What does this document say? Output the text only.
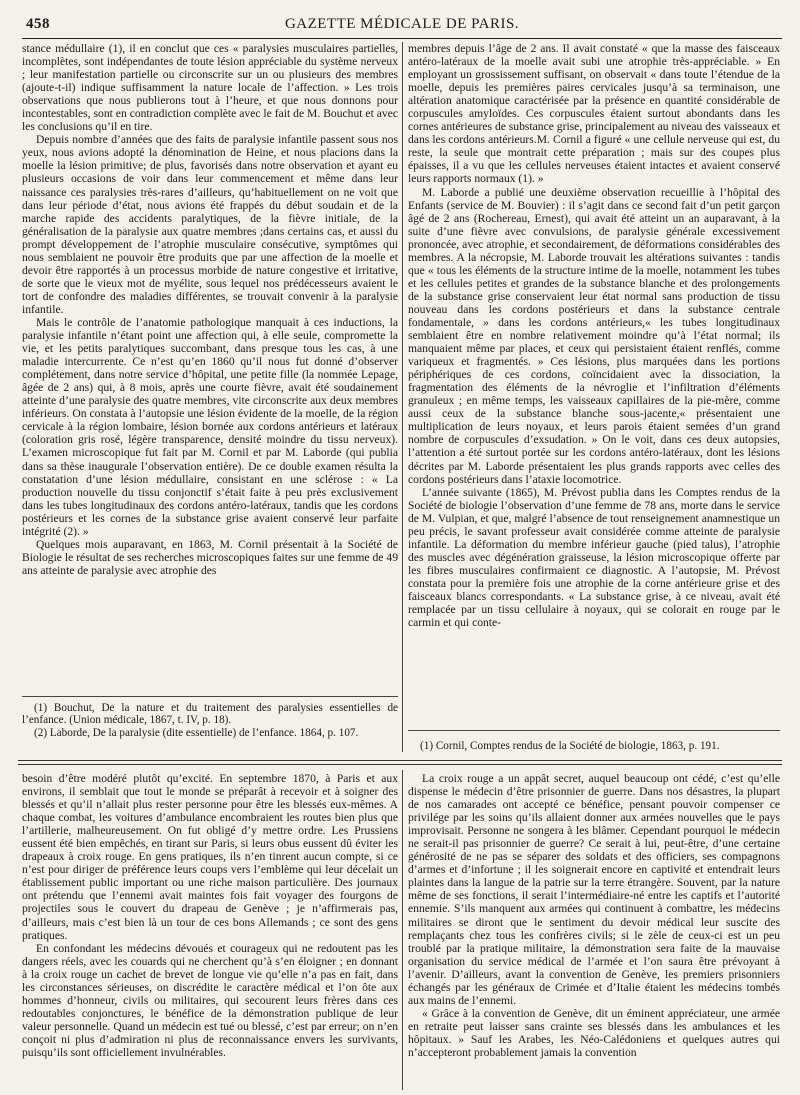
458	GAZETTE MÉDICALE DE PARIS.

stance médullaire (1), il en conclut que ces « paralysies musculaires partielles, incomplètes, sont indépendantes de toute lésion appréciable du système nerveux ; leur manifestation partielle ou circonscrite sur un ou plusieurs des membres (ajoute-t-il) indique suffisamment la nature locale de l’affection. » Les trois observations que nous publierons tout à l’heure, et que nous donnons pour incontestables, sont en contradiction complète avec le fait de M. Bouchut et avec les conclusions qu’il en tire.

Depuis nombre d’années que des faits de paralysie infantile passent sous nos yeux, nous avions adopté la dénomination de Heine, et nous placions dans la moelle la lésion primitive; de plus, favorisés dans notre observation et ayant eu plusieurs occasions de voir dans leur commencement et même dans leur naissance ces paralysies très-rares d’ailleurs, qu’habituellement on ne voit que dans leur période d’état, nous avions été frappés du début soudain et de la marche rapide des accidents paralytiques, de la fièvre initiale, de la généralisation de la paralysie aux quatre membres ;dans certains cas, et aussi du prompt développement de l’atrophie musculaire consécutive, symptômes qui nous semblaient ne pouvoir être produits que par une affection de la moelle et devoir être rapportés à un processus morbide de nature congestive et irritative, de sorte que le vieux mot de myélite, sous lequel nos prédécesseurs avaient le tort de confondre des maladies différentes, se trouvait convenir à la paralysie infantile.

Mais le contrôle de l’anatomie pathologique manquait à ces inductions, la paralysie infantile n’étant point une affection qui, à elle seule, compromette la vie, et les petits paralytiques succombant, dans presque tous les cas, à une maladie intercurrente. Ce n’est qu’en 1860 qu’il nous fut donné d’observer complétement, dans notre service d’hôpital, une petite fille (la nommée Lepage, âgée de 2 ans) qui, à 8 mois, après une courte fièvre, avait été soudainement atteinte d’une paralysie des quatre membres, vite circonscrite aux deux membres inférieurs. On constata à l’autopsie une lésion évidente de la moelle, de la région cervicale à la région lombaire, lésion bornée aux cordons antérieurs et latéraux (coloration gris rosé, légère transparence, densité moindre du tissu nerveux). L’examen microscopique fut fait par M. Cornil et par M. Laborde (qui publia dans sa thèse inaugurale l’observation entière). De ce double examen résulta la constatation d’une lésion médullaire, consistant en une sclérose : « La production nouvelle du tissu conjonctif s’était faite à peu près exclusivement dans les tubes longitudinaux des cordons antéro-latéraux, tandis que les cordons postérieurs et les cornes de la substance grise avaient conservé leur parfaite intégrité (2). »

Quelques mois auparavant, en 1863, M. Cornil présentait à la Société de Biologie le résultat de ses recherches microscopiques faites sur une femme de 49 ans atteinte de paralysie avec atrophie des

membres depuis l’âge de 2 ans. Il avait constaté « que la masse des faisceaux antéro-latéraux de la moelle avait subi une atrophie très-appréciable. » En employant un grossissement suffisant, on observait « dans toute l’étendue de la moelle, depuis les premières paires cervicales jusqu’à sa terminaison, une altération anatomique caractérisée par la présence en quantité considérable de corpuscules amyloïdes. Ces corpuscules étaient surtout abondants dans les cornes antérieures de substance grise, principalement au niveau des vaisseaux et dans les cordons antérieurs.M. Cornil a figuré « une cellule nerveuse qui est, du reste, la seule que montrait cette préparation ; mais sur des coupes plus épaisses, il a vu que les cellules nerveuses étaient intactes et avaient conservé leurs rapports normaux (1). »

M. Laborde a publié une deuxième observation recueillie à l’hôpital des Enfants (service de M. Bouvier) : il s’agit dans ce second fait d’un petit garçon âgé de 2 ans (Rochereau, Ernest), qui avait été atteint un an auparavant, à la suite d’une fièvre avec convulsions, de paralysie générale excessivement prononcée, avec atrophie, et secondairement, de déformations considérables des membres. A la nécropsie, M. Laborde trouvait les altérations suivantes : tandis que « tous les éléments de la structure intime de la moelle, notamment les tubes et les cellules petites et grandes de la substance blanche et des prolongements de la substance grise conservaient leur état normal sans production de tissu nouveau dans les cordons postérieurs et dans la substance centrale fondamentale, » dans les cordons antérieurs,« les tubes longitudinaux semblaient être en nombre relativement moindre qu’à l’état normal; ils manquaient même par places, et ceux qui persistaient étaient renflés, comme variqueux et fragmentés. » Ces lésions, plus marquées dans les portions périphériques de ces cordons, coïncidaient avec la dissociation, la fragmentation des éléments de la névroglie et l’infiltration d’éléments granuleux ; en même temps, les vaisseaux capillaires de la pie-mère, comme aussi ceux de la substance blanche sous-jacente,« présentaient une multiplication de leurs noyaux, et leurs parois étaient semées d’un grand nombre de corpuscules d’exsudation. » On le voit, dans ces deux autopsies, l’attention a été surtout portée sur les cordons antéro-latéraux, dont les lésions décrites par M. Laborde présentaient les plus grands rapports avec celles des cordons postérieurs dans l’ataxie locomotrice.

L’année suivante (1865), M. Prévost publia dans les Comptes rendus de la Société de biologie l’observation d’une femme de 78 ans, morte dans le service de M. Vulpian, et que, malgré l’absence de tout renseignement anamnestique un peu précis, le savant professeur avait considérée comme atteinte de paralysie infantile. La déformation du membre inférieur gauche (pied talus), l’atrophie des muscles avec dégénération graisseuse, la lésion microscopique offerte par les fibres musculaires confirmaient ce diagnostic. A l’autopsie, M. Prévost constata pour la première fois une atrophie de la corne antérieure grise et des faisceaux blancs correspondants. « La substance grise, à ce niveau, avait été remplacée par un tissu cellulaire à noyaux, qui se colorait en rouge par le carmin et qui conte-

(1) Bouchut, De la nature et du traitement des paralysies essentielles de l’enfance. (Union médicale, 1867, t. IV, p. 18).

(2) Laborde, De la paralysie (dite essentielle) de l’enfance. 1864, p. 107.

(1) Cornil, Comptes rendus de la Société de biologie, 1863, p. 191.

besoin d’être modéré plutôt qu’excité. En septembre 1870, à Paris et aux environs, il semblait que tout le monde se préparât à recevoir et à soigner des blessés et qu’il n’allait plus rester personne pour être les blessés eux-mêmes. A chaque combat, les voitures d’ambulance encombraient les routes bien plus que l’artillerie, malheureusement. On fut obligé d’y mettre ordre. Les Prussiens eussent été bien empêchés, en tirant sur Paris, si leurs obus eussent dû éviter les drapeaux à croix rouge. En gens pratiques, ils n’en tinrent aucun compte, si ce n’est pour diriger de préférence leurs coups vers l’emblème qui leur décelait un établissement public important ou une riche maison particulière. Des journaux ont prétendu que l’ennemi avait maintes fois fait voyager des fourgons de projectiles sous le couvert du drapeau de Genève ; je n’affirmerais pas, d’ailleurs, mais c’est bien là un tour de ces bons Allemands ; ce sont des gens pratiques.

En confondant les médecins dévoués et courageux qui ne redoutent pas les dangers réels, avec les couards qui ne cherchent qu’à s’en éloigner ; en donnant à la croix rouge un cachet de brevet de longue vie qu’elle n’a pas en fait, dans les circonstances sérieuses, on discrédite le caractère médical et l’on ôte aux hommes d’honneur, civils ou militaires, qui secourent leurs frères dans ces redoutables conjonctures, le bénéfice de la démonstration publique de leur valeur personnelle. Quand un médecin est tué ou blessé, c’est par erreur; on n’en conçoit ni plus d’admiration ni plus de reconnaissance envers les survivants, puisqu’ils sont officiellement invulnérables.

La croix rouge a un appât secret, auquel beaucoup ont cédé, c’est qu’elle dispense le médecin d’être prisonnier de guerre. Dans nos désastres, la plupart de nos camarades ont accepté ce bénéfice, pensant pouvoir compenser ce privilége par les soins qu’ils allaient donner aux armées nouvelles que le pays improvisait. Personne ne songera à les blâmer. Cependant pourquoi le médecin ne serait-il pas prisonnier de guerre? Ce serait à lui, peut-être, d’une certaine générosité de ne pas se séparer des soldats et des officiers, ses compagnons d’armes et d’infortune ; il les soignerait encore en captivité et entendrait leurs plaintes dans la langue de la patrie sur la terre étrangère. Souvent, par la nature même de ses fonctions, il serait l’intermédiaire-né entre les captifs et l’autorité ennemie. S’ils manquent aux armées qui continuent à combattre, les médecins militaires se diront que le sentiment du devoir médical leur suscite des remplaçants chez tous les confrères civils; si le zèle de ceux-ci est un peu troublé par la pratique militaire, la démonstration sera faite de la mauvaise organisation du service médical de l’armée et l’on saura être prévoyant à l’avenir. D’ailleurs, avant la convention de Genève, les premiers prisonniers échangés par les généraux de Crimée et d’Italie étaient les médecins tombés aux mains de l’ennemi.

« Grâce à la convention de Genève, dit un éminent appréciateur, une armée en retraite peut laisser sans crainte ses blessés dans les ambulances et les hôpitaux. » Sauf les Arabes, les Néo-Calédoniens et quelques autres qui n’accepteront probablement jamais la convention
